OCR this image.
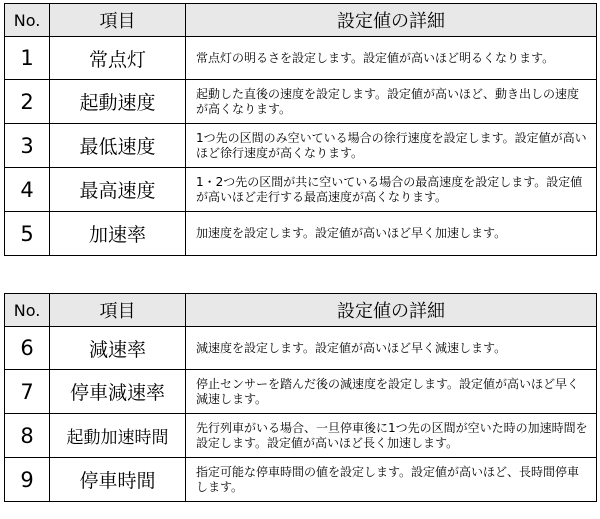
No.	項目	設定値の詳細
1	常点灯	常点灯の明るさを設定します。設定値が高いほど明るくなります。
2	起動速度	起動した直後の速度を設定します。設定値が高いほど、動き出しの速度が高くなります。
3	最低速度	1つ先の区間のみ空いている場合の徐行速度を設定します。設定値が高いほど徐行速度が高くなります。
4	最高速度	1・2つ先の区間が共に空いている場合の最高速度を設定します。設定値が高いほど走行する最高速度が高くなります。
5	加速率	加速度を設定します。設定値が高いほど早く加速します。
No.	項目	設定値の詳細
6	減速率	減速度を設定します。設定値が高いほど早く減速します。
7	停車減速率	停止センサーを踏んだ後の減速度を設定します。設定値が高いほど早く減速します。
8	起動加速時間	先行列車がいる場合、一旦停車後に1つ先の区間が空いた時の加速時間を設定します。設定値が高いほど長く加速します。
9	停車時間	指定可能な停車時間の値を設定します。設定値が高いほど、長時間停車します。
